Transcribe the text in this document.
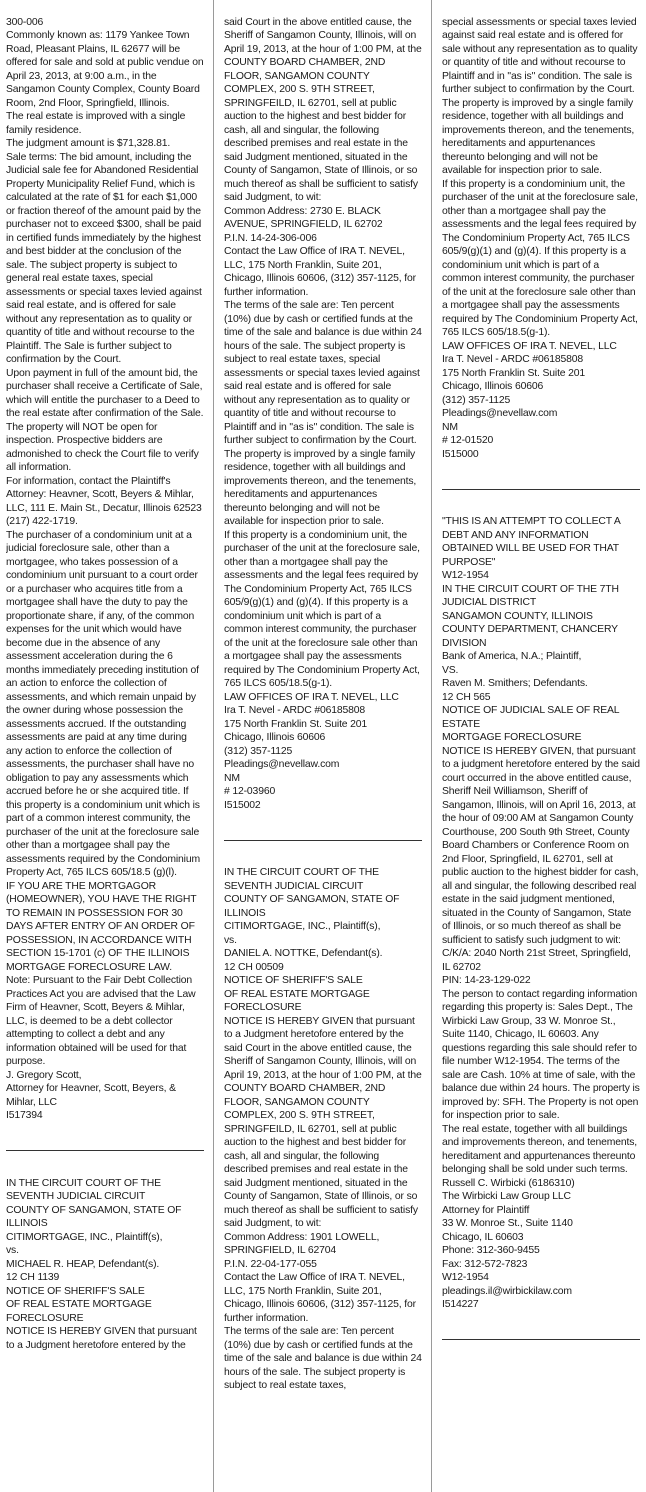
300-006
Commonly known as: 1179 Yankee Town Road, Pleasant Plains, IL 62677 will be offered for sale and sold at public vendue on April 23, 2013, at 9:00 a.m., in the Sangamon County Complex, County Board Room, 2nd Floor, Springfield, Illinois.
The real estate is improved with a single family residence.
The judgment amount is $71,328.81.
Sale terms: The bid amount, including the Judicial sale fee for Abandoned Residential Property Municipality Relief Fund, which is calculated at the rate of $1 for each $1,000 or fraction thereof of the amount paid by the purchaser not to exceed $300, shall be paid in certified funds immediately by the highest and best bidder at the conclusion of the sale. The subject property is subject to general real estate taxes, special assessments or special taxes levied against said real estate, and is offered for sale without any representation as to quality or quantity of title and without recourse to the Plaintiff. The Sale is further subject to confirmation by the Court.
Upon payment in full of the amount bid, the purchaser shall receive a Certificate of Sale, which will entitle the purchaser to a Deed to the real estate after confirmation of the Sale.
The property will NOT be open for inspection. Prospective bidders are admonished to check the Court file to verify all information.
For information, contact the Plaintiff's Attorney: Heavner, Scott, Beyers & Mihlar, LLC, 111 E. Main St., Decatur, Illinois 62523 (217) 422-1719.
The purchaser of a condominium unit at a judicial foreclosure sale, other than a mortgagee, who takes possession of a condominium unit pursuant to a court order or a purchaser who acquires title from a mortgagee shall have the duty to pay the proportionate share, if any, of the common expenses for the unit which would have become due in the absence of any assessment acceleration during the 6 months immediately preceding institution of an action to enforce the collection of assessments, and which remain unpaid by the owner during whose possession the assessments accrued. If the outstanding assessments are paid at any time during any action to enforce the collection of assessments, the purchaser shall have no obligation to pay any assessments which accrued before he or she acquired title. If this property is a condominium unit which is part of a common interest community, the purchaser of the unit at the foreclosure sale other than a mortgagee shall pay the assessments required by the Condominium Property Act, 765 ILCS 605/18.5 (g)(l).
IF YOU ARE THE MORTGAGOR (HOMEOWNER), YOU HAVE THE RIGHT TO REMAIN IN POSSESSION FOR 30 DAYS AFTER ENTRY OF AN ORDER OF POSSESSION, IN ACCORDANCE WITH SECTION 15-1701 (c) OF THE ILLINOIS MORTGAGE FORECLOSURE LAW.
Note: Pursuant to the Fair Debt Collection Practices Act you are advised that the Law Firm of Heavner, Scott, Beyers & Mihlar, LLC, is deemed to be a debt collector attempting to collect a debt and any information obtained will be used for that purpose.
J. Gregory Scott,
Attorney for Heavner, Scott, Beyers, & Mihlar, LLC
I517394

IN THE CIRCUIT COURT OF THE SEVENTH JUDICIAL CIRCUIT
COUNTY OF SANGAMON, STATE OF ILLINOIS
CITIMORTGAGE, INC., Plaintiff(s),
vs.
MICHAEL R. HEAP, Defendant(s).
12 CH 1139
NOTICE OF SHERIFF'S SALE
OF REAL ESTATE MORTGAGE FORECLOSURE
NOTICE IS HEREBY GIVEN that pursuant to a Judgment heretofore entered by the

said Court in the above entitled cause, the Sheriff of Sangamon County, Illinois, will on April 19, 2013, at the hour of 1:00 PM, at the COUNTY BOARD CHAMBER, 2ND FLOOR, SANGAMON COUNTY COMPLEX, 200 S. 9TH STREET, SPRINGFEILD, IL 62701, sell at public auction to the highest and best bidder for cash, all and singular, the following described premises and real estate in the said Judgment mentioned, situated in the County of Sangamon, State of Illinois, or so much thereof as shall be sufficient to satisfy said Judgment, to wit:
Common Address: 2730 E. BLACK AVENUE, SPRINGFIELD, IL 62702
P.I.N. 14-24-306-006
Contact the Law Office of IRA T. NEVEL, LLC, 175 North Franklin, Suite 201, Chicago, Illinois 60606, (312) 357-1125, for further information.
The terms of the sale are: Ten percent (10%) due by cash or certified funds at the time of the sale and balance is due within 24 hours of the sale. The subject property is subject to real estate taxes, special assessments or special taxes levied against said real estate and is offered for sale without any representation as to quality or quantity of title and without recourse to Plaintiff and in "as is" condition. The sale is further subject to confirmation by the Court.
The property is improved by a single family residence, together with all buildings and improvements thereon, and the tenements, hereditaments and appurtenances thereunto belonging and will not be available for inspection prior to sale.
If this property is a condominium unit, the purchaser of the unit at the foreclosure sale, other than a mortgagee shall pay the assessments and the legal fees required by The Condominium Property Act, 765 ILCS 605/9(g)(1) and (g)(4). If this property is a condominium unit which is part of a common interest community, the purchaser of the unit at the foreclosure sale other than a mortgagee shall pay the assessments required by The Condominium Property Act, 765 ILCS 605/18.5(g-1).
LAW OFFICES OF IRA T. NEVEL, LLC
Ira T. Nevel - ARDC #06185808
175 North Franklin St. Suite 201
Chicago, Illinois 60606
(312) 357-1125
Pleadings@nevellaw.com
NM
# 12-03960
I515002

IN THE CIRCUIT COURT OF THE SEVENTH JUDICIAL CIRCUIT
COUNTY OF SANGAMON, STATE OF ILLINOIS
CITIMORTGAGE, INC., Plaintiff(s),
vs.
DANIEL A. NOTTKE, Defendant(s).
12 CH 00509
NOTICE OF SHERIFF'S SALE
OF REAL ESTATE MORTGAGE FORECLOSURE
NOTICE IS HEREBY GIVEN that pursuant to a Judgment heretofore entered by the said Court in the above entitled cause, the Sheriff of Sangamon County, Illinois, will on April 19, 2013, at the hour of 1:00 PM, at the COUNTY BOARD CHAMBER, 2ND FLOOR, SANGAMON COUNTY COMPLEX, 200 S. 9TH STREET, SPRINGFEILD, IL 62701, sell at public auction to the highest and best bidder for cash, all and singular, the following described premises and real estate in the said Judgment mentioned, situated in the County of Sangamon, State of Illinois, or so much thereof as shall be sufficient to satisfy said Judgment, to wit:
Common Address: 1901 LOWELL, SPRINGFIELD, IL 62704
P.I.N. 22-04-177-055
Contact the Law Office of IRA T. NEVEL, LLC, 175 North Franklin, Suite 201, Chicago, Illinois 60606, (312) 357-1125, for further information.
The terms of the sale are: Ten percent (10%) due by cash or certified funds at the time of the sale and balance is due within 24 hours of the sale. The subject property is subject to real estate taxes,

special assessments or special taxes levied against said real estate and is offered for sale without any representation as to quality or quantity of title and without recourse to Plaintiff and in "as is" condition. The sale is further subject to confirmation by the Court.
The property is improved by a single family residence, together with all buildings and improvements thereon, and the tenements, hereditaments and appurtenances thereunto belonging and will not be available for inspection prior to sale.
If this property is a condominium unit, the purchaser of the unit at the foreclosure sale, other than a mortgagee shall pay the assessments and the legal fees required by The Condominium Property Act, 765 ILCS 605/9(g)(1) and (g)(4). If this property is a condominium unit which is part of a common interest community, the purchaser of the unit at the foreclosure sale other than a mortgagee shall pay the assessments required by The Condominium Property Act, 765 ILCS 605/18.5(g-1).
LAW OFFICES OF IRA T. NEVEL, LLC
Ira T. Nevel - ARDC #06185808
175 North Franklin St. Suite 201
Chicago, Illinois 60606
(312) 357-1125
Pleadings@nevellaw.com
NM
# 12-01520
I515000

"THIS IS AN ATTEMPT TO COLLECT A DEBT AND ANY INFORMATION OBTAINED WILL BE USED FOR THAT PURPOSE"
W12-1954
IN THE CIRCUIT COURT OF THE 7TH JUDICIAL DISTRICT
SANGAMON COUNTY, ILLINOIS
COUNTY DEPARTMENT, CHANCERY DIVISION
Bank of America, N.A.; Plaintiff,
VS.
Raven M. Smithers; Defendants.
12 CH 565
NOTICE OF JUDICIAL SALE OF REAL ESTATE
MORTGAGE FORECLOSURE
NOTICE IS HEREBY GIVEN, that pursuant to a judgment heretofore entered by the said court occurred in the above entitled cause, Sheriff Neil Williamson, Sheriff of Sangamon, Illinois, will on April 16, 2013, at the hour of 09:00 AM at Sangamon County Courthouse, 200 South 9th Street, County Board Chambers or Conference Room on 2nd Floor, Springfield, IL 62701, sell at public auction to the highest bidder for cash, all and singular, the following described real estate in the said judgment mentioned, situated in the County of Sangamon, State of Illinois, or so much thereof as shall be sufficient to satisfy such judgment to wit:
C/K/A: 2040 North 21st Street, Springfield, IL 62702
PIN: 14-23-129-022
The person to contact regarding information regarding this property is: Sales Dept., The Wirbicki Law Group, 33 W. Monroe St., Suite 1140, Chicago, IL 60603. Any questions regarding this sale should refer to file number W12-1954. The terms of the sale are Cash. 10% at time of sale, with the balance due within 24 hours. The property is improved by: SFH. The Property is not open for inspection prior to sale.
The real estate, together with all buildings and improvements thereon, and tenements, hereditament and appurtenances thereunto belonging shall be sold under such terms.
Russell C. Wirbicki (6186310)
The Wirbicki Law Group LLC
Attorney for Plaintiff
33 W. Monroe St., Suite 1140
Chicago, IL 60603
Phone: 312-360-9455
Fax: 312-572-7823
W12-1954
pleadings.il@wirbickilaw.com
I514227
